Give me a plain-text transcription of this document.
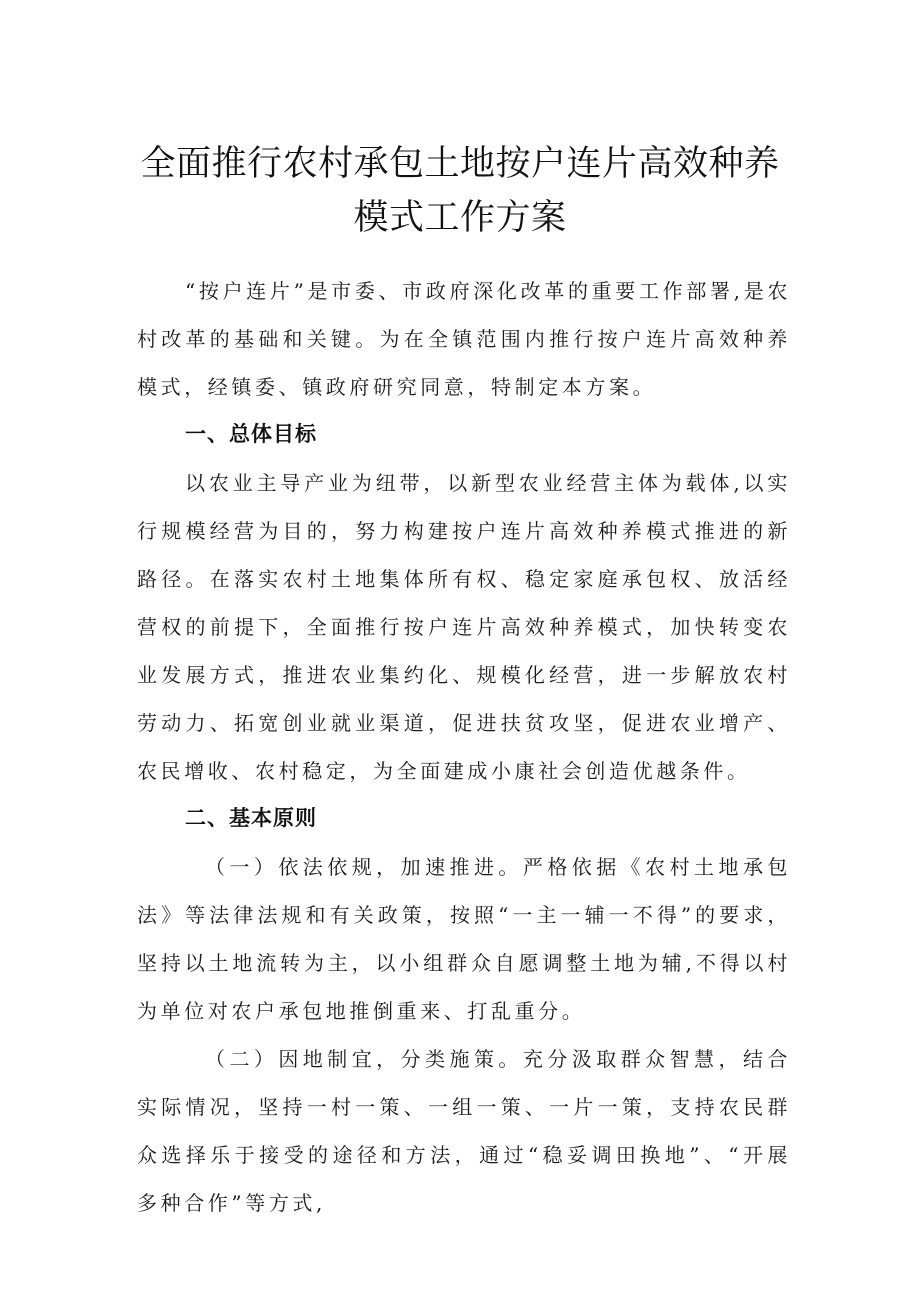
全面推行农村承包土地按户连片高效种养
模式工作方案

“按户连片”是市委、市政府深化改革的重要工作部署,是农村改革的基础和关键。为在全镇范围内推行按户连片高效种养模式，经镇委、镇政府研究同意，特制定本方案。

一、总体目标

以农业主导产业为纽带，以新型农业经营主体为载体,以实行规模经营为目的，努力构建按户连片高效种养模式推进的新路径。在落实农村土地集体所有权、稳定家庭承包权、放活经营权的前提下，全面推行按户连片高效种养模式，加快转变农业发展方式，推进农业集约化、规模化经营，进一步解放农村劳动力、拓宽创业就业渠道，促进扶贫攻坚，促进农业增产、农民增收、农村稳定，为全面建成小康社会创造优越条件。

二、基本原则

（一）依法依规，加速推进。严格依据《农村土地承包法》等法律法规和有关政策，按照“一主一辅一不得”的要求，坚持以土地流转为主，以小组群众自愿调整土地为辅,不得以村为单位对农户承包地推倒重来、打乱重分。

（二）因地制宜，分类施策。充分汲取群众智慧，结合实际情况，坚持一村一策、一组一策、一片一策，支持农民群众选择乐于接受的途径和方法，通过“稳妥调田换地”、“开展多种合作”等方式,
